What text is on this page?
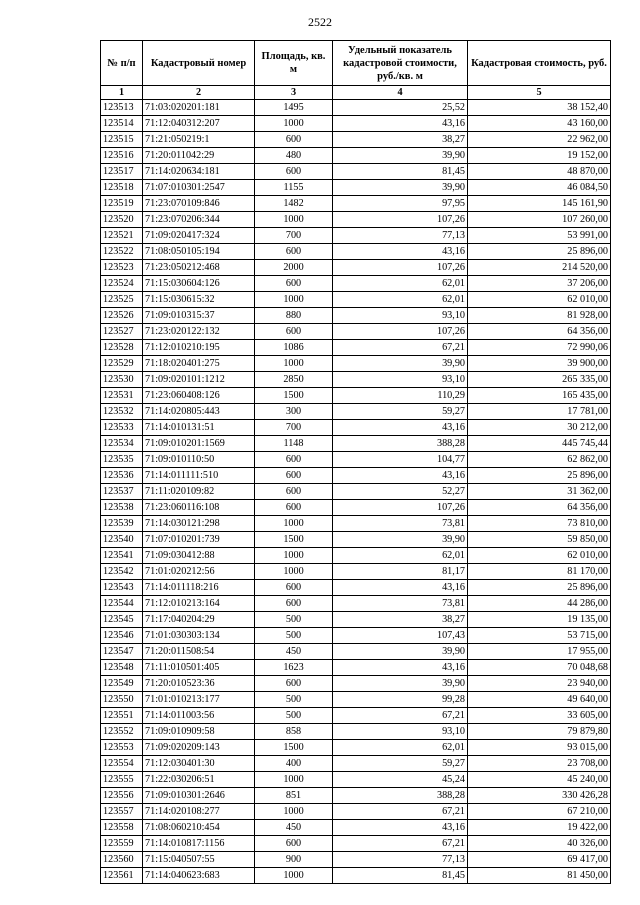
2522
№ п/п	Кадастровый номер	Площадь, кв. м	Удельный показатель кадастровой стоимости, руб./кв. м	Кадастровая стоимость, руб.
1	2	3	4	5
123513	71:03:020201:181	1495	25,52	38 152,40
123514	71:12:040312:207	1000	43,16	43 160,00
123515	71:21:050219:1	600	38,27	22 962,00
123516	71:20:011042:29	480	39,90	19 152,00
123517	71:14:020634:181	600	81,45	48 870,00
123518	71:07:010301:2547	1155	39,90	46 084,50
123519	71:23:070109:846	1482	97,95	145 161,90
123520	71:23:070206:344	1000	107,26	107 260,00
123521	71:09:020417:324	700	77,13	53 991,00
123522	71:08:050105:194	600	43,16	25 896,00
123523	71:23:050212:468	2000	107,26	214 520,00
123524	71:15:030604:126	600	62,01	37 206,00
123525	71:15:030615:32	1000	62,01	62 010,00
123526	71:09:010315:37	880	93,10	81 928,00
123527	71:23:020122:132	600	107,26	64 356,00
123528	71:12:010210:195	1086	67,21	72 990,06
123529	71:18:020401:275	1000	39,90	39 900,00
123530	71:09:020101:1212	2850	93,10	265 335,00
123531	71:23:060408:126	1500	110,29	165 435,00
123532	71:14:020805:443	300	59,27	17 781,00
123533	71:14:010131:51	700	43,16	30 212,00
123534	71:09:010201:1569	1148	388,28	445 745,44
123535	71:09:010110:50	600	104,77	62 862,00
123536	71:14:011111:510	600	43,16	25 896,00
123537	71:11:020109:82	600	52,27	31 362,00
123538	71:23:060116:108	600	107,26	64 356,00
123539	71:14:030121:298	1000	73,81	73 810,00
123540	71:07:010201:739	1500	39,90	59 850,00
123541	71:09:030412:88	1000	62,01	62 010,00
123542	71:01:020212:56	1000	81,17	81 170,00
123543	71:14:011118:216	600	43,16	25 896,00
123544	71:12:010213:164	600	73,81	44 286,00
123545	71:17:040204:29	500	38,27	19 135,00
123546	71:01:030303:134	500	107,43	53 715,00
123547	71:20:011508:54	450	39,90	17 955,00
123548	71:11:010501:405	1623	43,16	70 048,68
123549	71:20:010523:36	600	39,90	23 940,00
123550	71:01:010213:177	500	99,28	49 640,00
123551	71:14:011003:56	500	67,21	33 605,00
123552	71:09:010909:58	858	93,10	79 879,80
123553	71:09:020209:143	1500	62,01	93 015,00
123554	71:12:030401:30	400	59,27	23 708,00
123555	71:22:030206:51	1000	45,24	45 240,00
123556	71:09:010301:2646	851	388,28	330 426,28
123557	71:14:020108:277	1000	67,21	67 210,00
123558	71:08:060210:454	450	43,16	19 422,00
123559	71:14:010817:1156	600	67,21	40 326,00
123560	71:15:040507:55	900	77,13	69 417,00
123561	71:14:040623:683	1000	81,45	81 450,00
